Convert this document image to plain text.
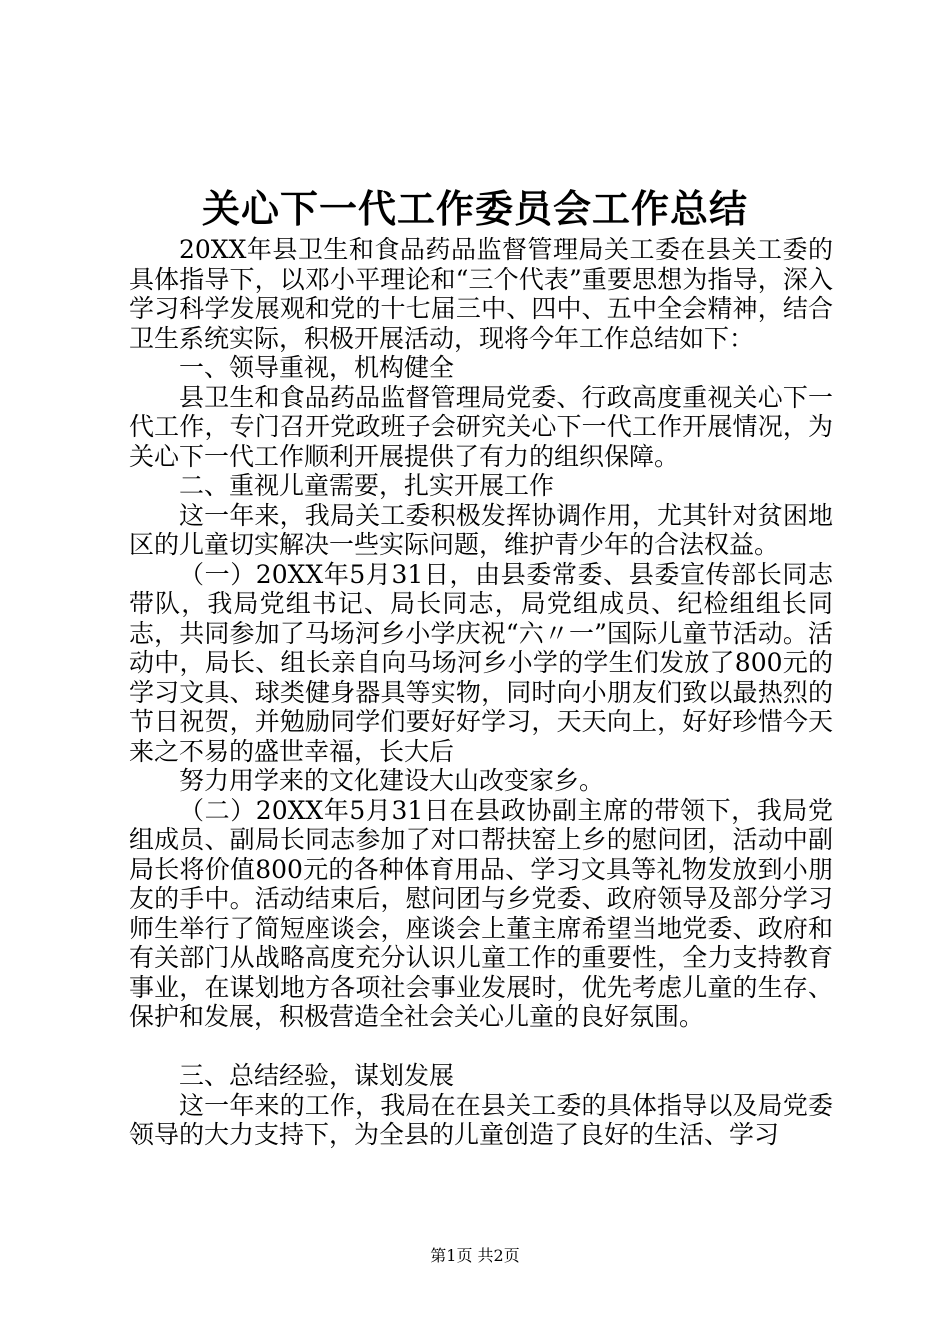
关心下一代工作委员会工作总结

20XX年县卫生和食品药品监督管理局关工委在县关工委的具体指导下，以邓小平理论和“三个代表”重要思想为指导，深入学习科学发展观和党的十七届三中、四中、五中全会精神，结合卫生系统实际，积极开展活动，现将今年工作总结如下：

一、领导重视，机构健全

县卫生和食品药品监督管理局党委、行政高度重视关心下一代工作，专门召开党政班子会研究关心下一代工作开展情况，为关心下一代工作顺利开展提供了有力的组织保障。

二、重视儿童需要，扎实开展工作

这一年来，我局关工委积极发挥协调作用，尤其针对贫困地区的儿童切实解决一些实际问题，维护青少年的合法权益。

（一）20XX年5月31日，由县委常委、县委宣传部长同志带队，我局党组书记、局长同志，局党组成员、纪检组组长同志，共同参加了马场河乡小学庆祝“六〃一”国际儿童节活动。活动中，局长、组长亲自向马场河乡小学的学生们发放了800元的学习文具、球类健身器具等实物，同时向小朋友们致以最热烈的节日祝贺，并勉励同学们要好好学习，天天向上，好好珍惜今天来之不易的盛世幸福，长大后

努力用学来的文化建设大山改变家乡。

（二）20XX年5月31日在县政协副主席的带领下，我局党组成员、副局长同志参加了对口帮扶窑上乡的慰问团，活动中副局长将价值800元的各种体育用品、学习文具等礼物发放到小朋友的手中。活动结束后，慰问团与乡党委、政府领导及部分学习师生举行了简短座谈会，座谈会上董主席希望当地党委、政府和有关部门从战略高度充分认识儿童工作的重要性，全力支持教育事业，在谋划地方各项社会事业发展时，优先考虑儿童的生存、保护和发展，积极营造全社会关心儿童的良好氛围。

三、总结经验，谋划发展

这一年来的工作，我局在在县关工委的具体指导以及局党委领导的大力支持下，为全县的儿童创造了良好的生活、学习

第1页 共2页
